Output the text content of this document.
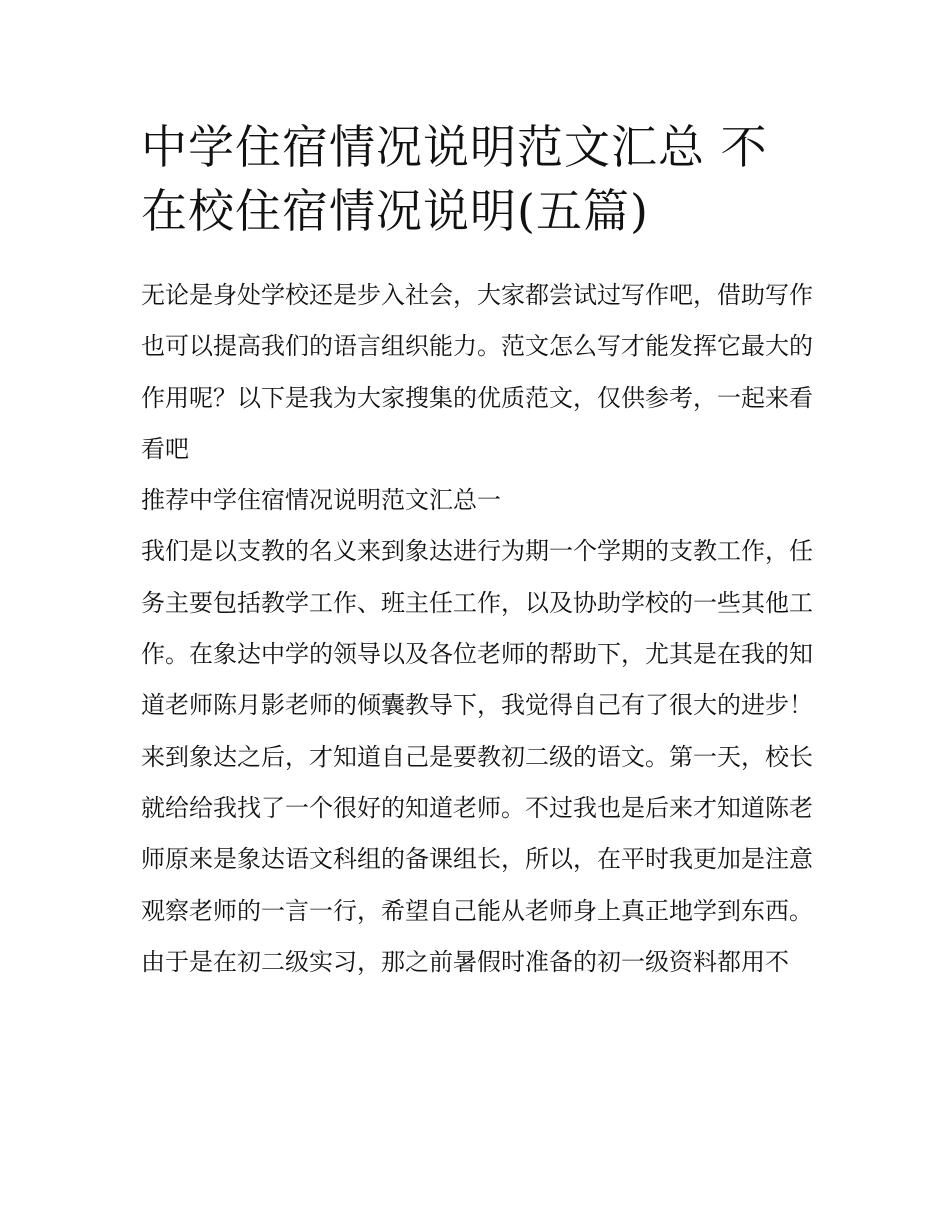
中学住宿情况说明范文汇总 不在校住宿情况说明(五篇)

无论是身处学校还是步入社会，大家都尝试过写作吧，借助写作也可以提高我们的语言组织能力。范文怎么写才能发挥它最大的作用呢？以下是我为大家搜集的优质范文，仅供参考，一起来看看吧

推荐中学住宿情况说明范文汇总一

我们是以支教的名义来到象达进行为期一个学期的支教工作，任务主要包括教学工作、班主任工作，以及协助学校的一些其他工作。在象达中学的领导以及各位老师的帮助下，尤其是在我的知道老师陈月影老师的倾囊教导下，我觉得自己有了很大的进步！

来到象达之后，才知道自己是要教初二级的语文。第一天，校长就给给我找了一个很好的知道老师。不过我也是后来才知道陈老师原来是象达语文科组的备课组长，所以，在平时我更加是注意观察老师的一言一行，希望自己能从老师身上真正地学到东西。

由于是在初二级实习，那之前暑假时准备的初一级资料都用不
